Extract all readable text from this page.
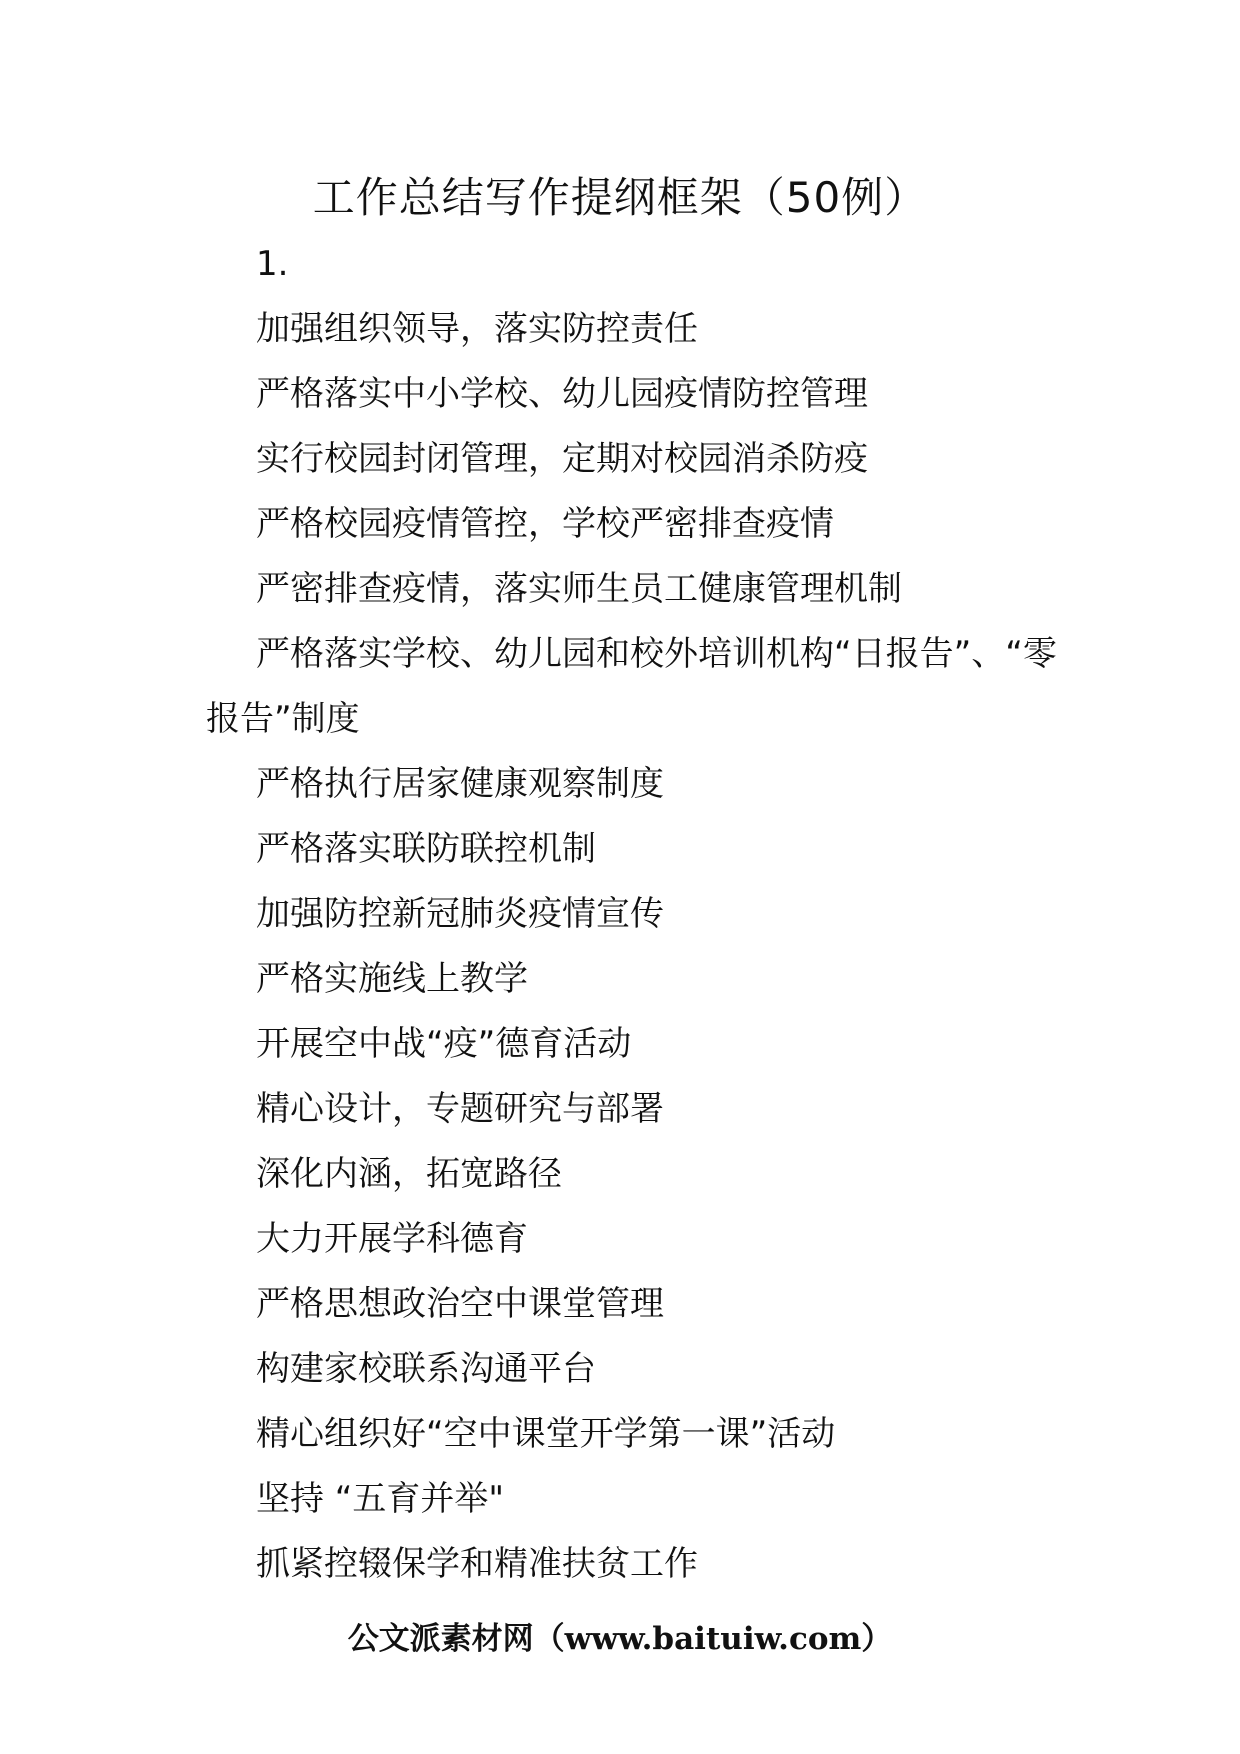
工作总结写作提纲框架（50例）

1.

加强组织领导，落实防控责任

严格落实中小学校、幼儿园疫情防控管理

实行校园封闭管理，定期对校园消杀防疫

严格校园疫情管控，学校严密排查疫情

严密排查疫情，落实师生员工健康管理机制

严格落实学校、幼儿园和校外培训机构“日报告”、“零报告”制度

严格执行居家健康观察制度

严格落实联防联控机制

加强防控新冠肺炎疫情宣传

严格实施线上教学

开展空中战“疫”德育活动

精心设计，专题研究与部署

深化内涵，拓宽路径

大力开展学科德育

严格思想政治空中课堂管理

构建家校联系沟通平台

精心组织好“空中课堂开学第一课”活动

坚持 “五育并举"

抓紧控辍保学和精准扶贫工作

公文派素材网（www.baituiw.com）
